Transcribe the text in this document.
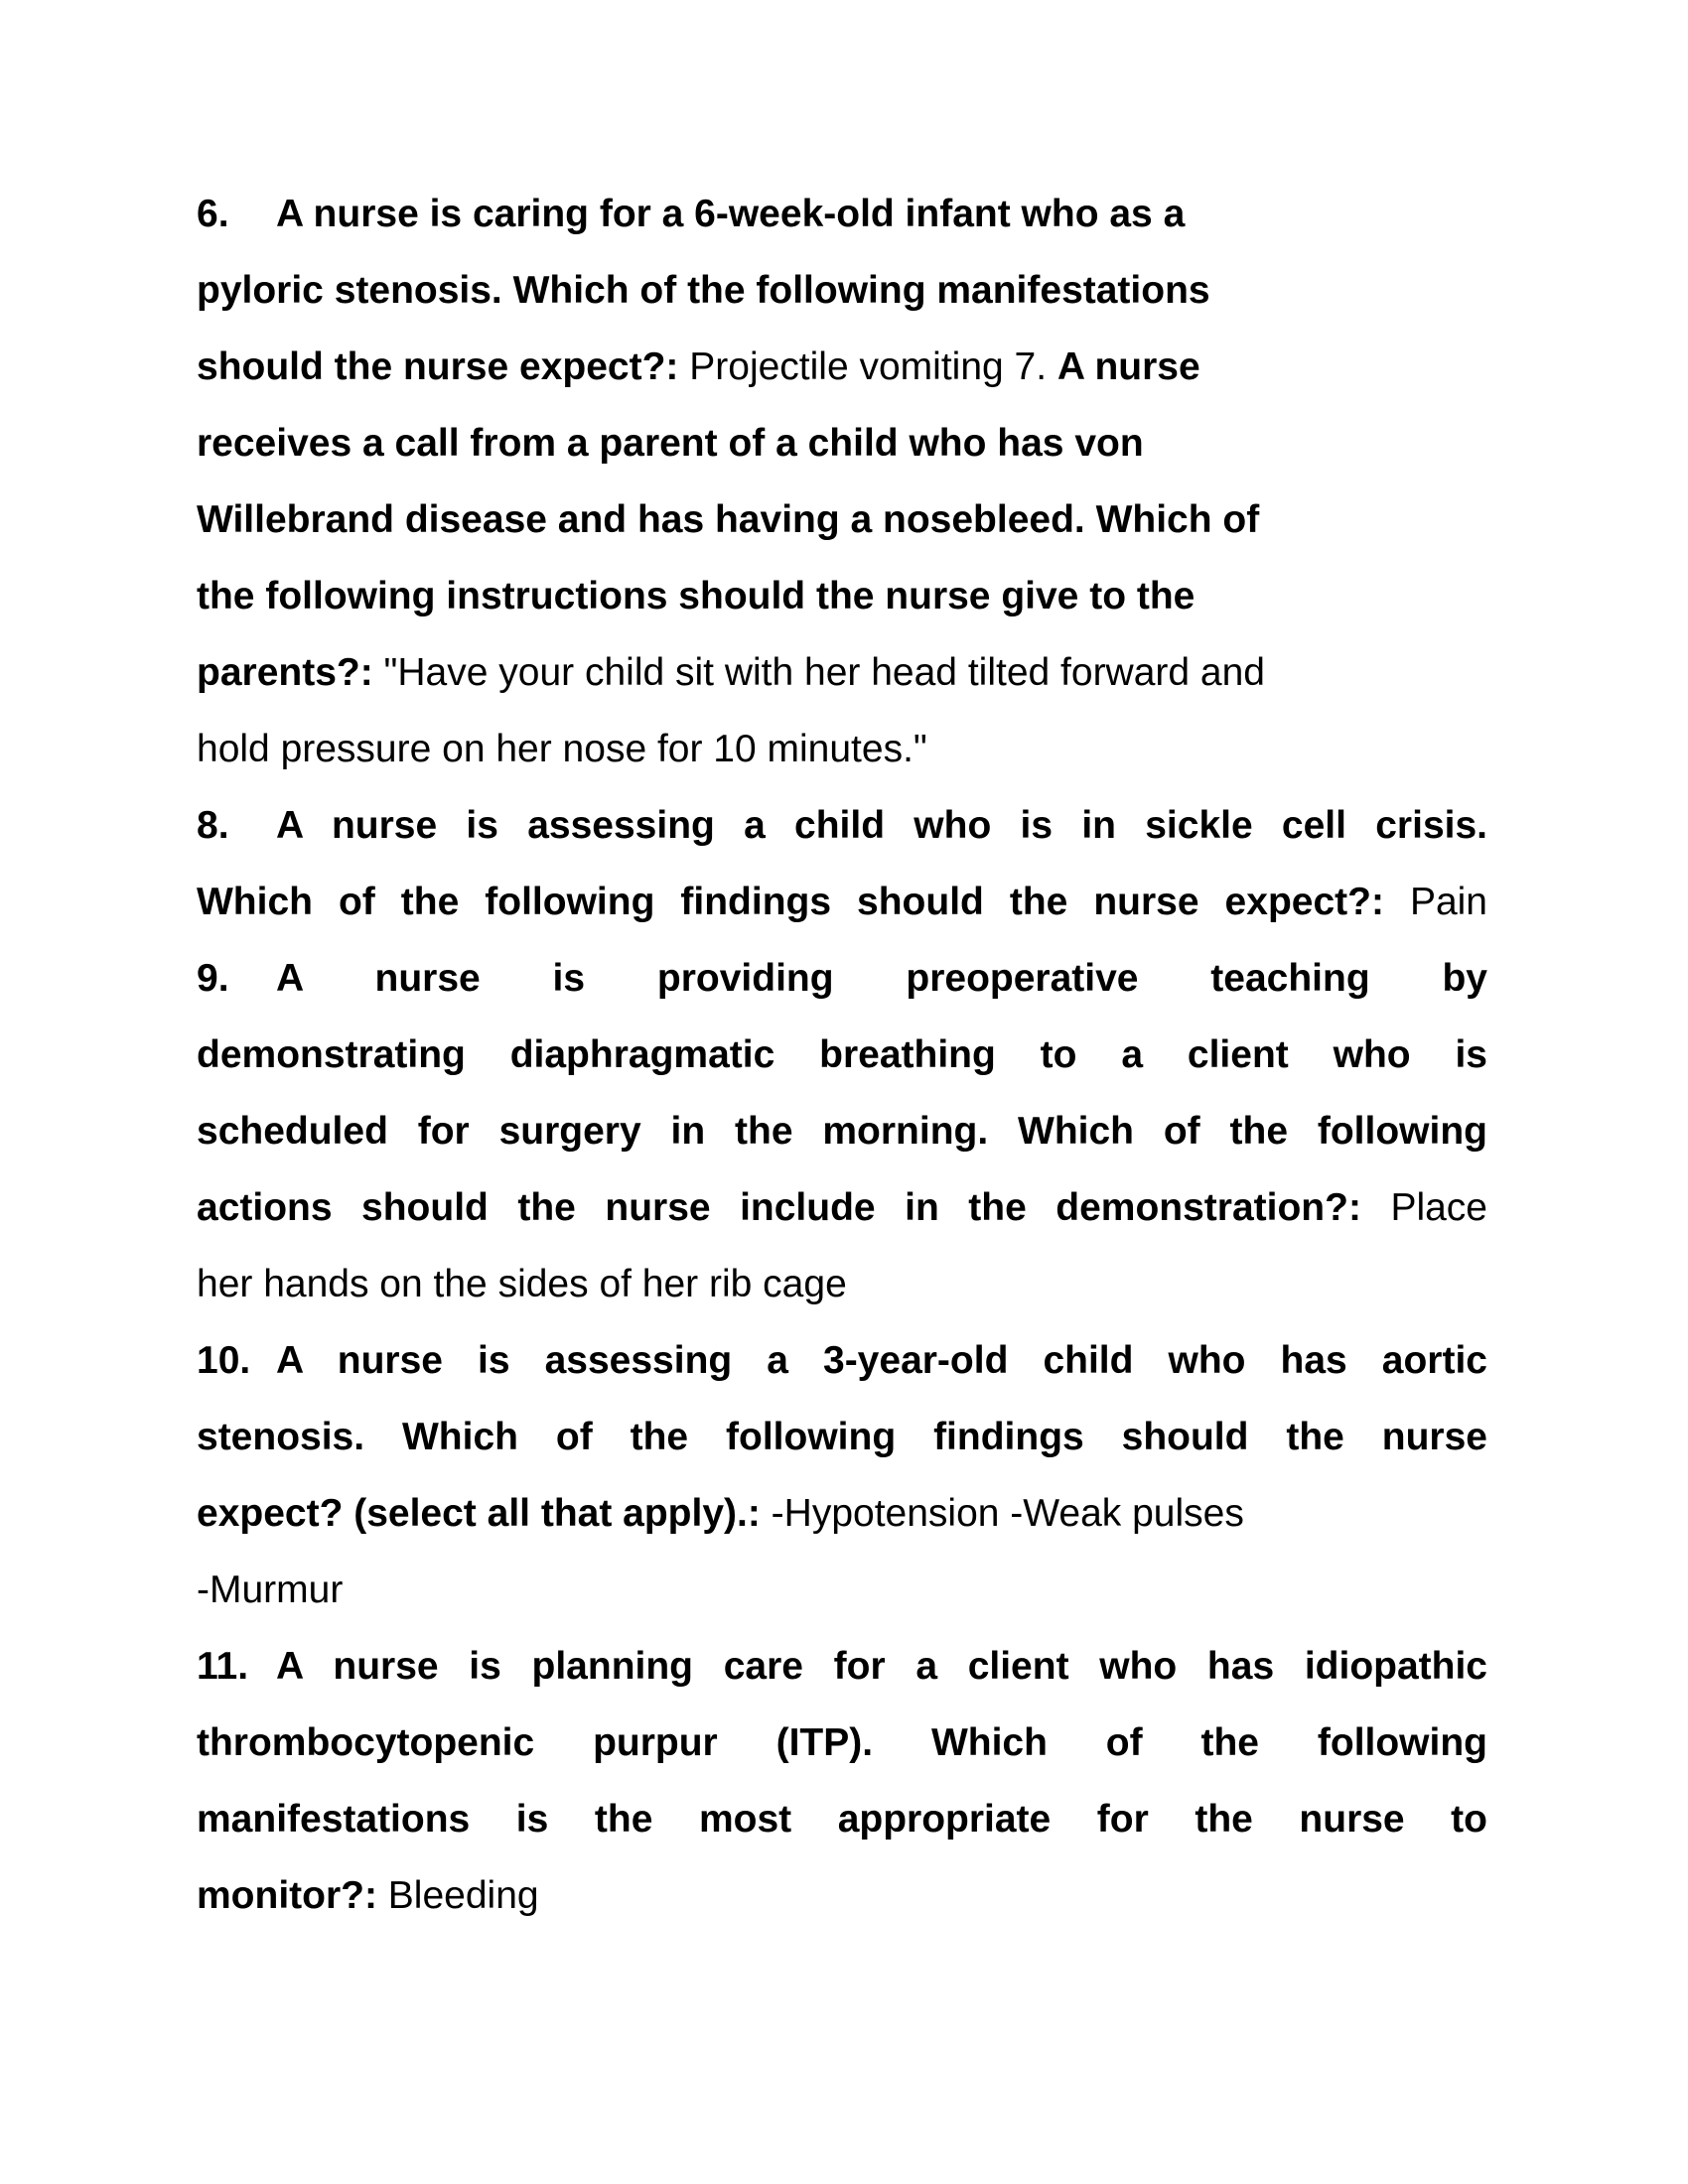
6. A nurse is caring for a 6-week-old infant who as a
pyloric stenosis. Which of the following manifestations
should the nurse expect?: Projectile vomiting 7. A nurse
receives a call from a parent of a child who has von
Willebrand disease and has having a nosebleed. Which of
the following instructions should the nurse give to the
parents?: "Have your child sit with her head tilted forward and
hold pressure on her nose for 10 minutes."
8. A nurse is assessing a child who is in sickle cell crisis.
Which of the following findings should the nurse expect?: Pain
9. A nurse is providing preoperative teaching by
demonstrating diaphragmatic breathing to a client who is
scheduled for surgery in the morning. Which of the following
actions should the nurse include in the demonstration?: Place
her hands on the sides of her rib cage
10. A nurse is assessing a 3-year-old child who has aortic
stenosis. Which of the following findings should the nurse
expect? (select all that apply).: -Hypotension -Weak pulses
-Murmur
11. A nurse is planning care for a client who has idiopathic
thrombocytopenic purpur (ITP). Which of the following
manifestations is the most appropriate for the nurse to
monitor?: Bleeding
